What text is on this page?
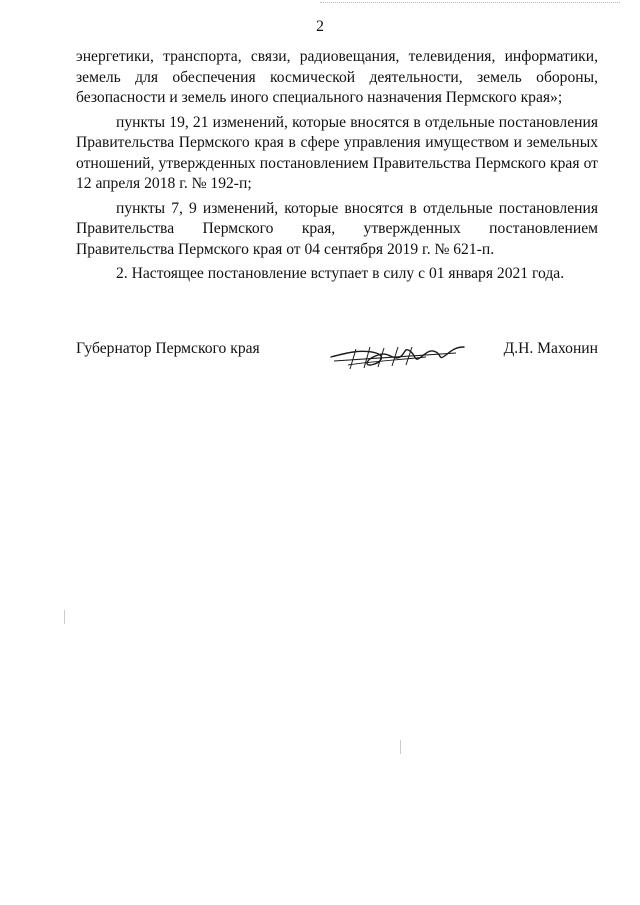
2

энергетики, транспорта, связи, радиовещания, телевидения, информатики, земель для обеспечения космической деятельности, земель обороны, безопасности и земель иного специального назначения Пермского края»;

пункты 19, 21 изменений, которые вносятся в отдельные постановления Правительства Пермского края в сфере управления имуществом и земельных отношений, утвержденных постановлением Правительства Пермского края от 12 апреля 2018 г. № 192-п;

пункты 7, 9 изменений, которые вносятся в отдельные постановления Правительства Пермского края, утвержденных постановлением Правительства Пермского края от 04 сентября 2019 г. № 621-п.

2. Настоящее постановление вступает в силу с 01 января 2021 года.

Губернатор Пермского края	Д.Н. Махонин
